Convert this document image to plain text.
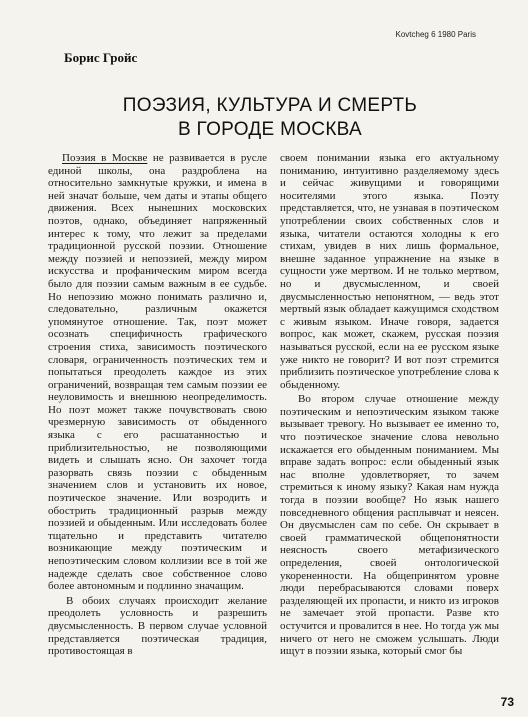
Kovtcheg 6 1980 Paris
Борис Гройс
ПОЭЗИЯ, КУЛЬТУРА И СМЕРТЬ
В ГОРОДЕ МОСКВА

Поэзия в Москве не развивается в русле единой школы, она раздроблена на относительно замкнутые кружки, и имена в ней значат больше, чем даты и этапы общего движения. Всех нынешних московских поэтов, однако, объединяет напряженный интерес к тому, что лежит за пределами традиционной русской поэзии. Отношение между поэзией и непоэзией, между миром искусства и профаническим миром всегда было для поэзии самым важным в ее судьбе. Но непоэзию можно понимать различно и, следовательно, различным окажется упомянутое отношение. Так, поэт может осознать специфичность графического строения стиха, зависимость поэтического словаря, ограниченность поэтических тем и попытаться преодолеть каждое из этих ограничений, возвращая тем самым поэзии ее неуловимость и внешнюю неопределимость. Но поэт может также почувствовать свою чрезмерную зависимость от обыденного языка с его расшатанностью и приблизительностью, не позволяющими видеть и слышать ясно. Он захочет тогда разорвать связь поэзии с обыденным значением слов и установить их новое, поэтическое значение. Или возродить и обострить традиционный разрыв между поэзией и обыденным. Или исследовать более тщательно и представить читателю возникающие между поэтическим и непоэтическим словом коллизии все в той же надежде сделать свое собственное слово более автономным и подлинно значащим.

В обоих случаях происходит желание преодолеть условность и разрешить двусмысленность. В первом случае условной представляется поэтическая традиция, противостоящая в

своем понимании языка его актуальному пониманию, интуитивно разделяемому здесь и сейчас живущими и говорящими носителями этого языка. Поэту представляется, что, не узнавая в поэтическом употреблении своих собственных слов и языка, читатели остаются холодны к его стихам, увидев в них лишь формальное, внешне заданное упражнение на языке в сущности уже мертвом. И не только мертвом, но и двусмысленном, и своей двусмысленностью непонятном, — ведь этот мертвый язык обладает кажущимся сходством с живым языком. Иначе говоря, задается вопрос, как может, скажем, русская поэзия называться русской, если на ее русском языке уже никто не говорит? И вот поэт стремится приблизить поэтическое употребление слова к обыденному.

Во втором случае отношение между поэтическим и непоэтическим языком также вызывает тревогу. Но вызывает ее именно то, что поэтическое значение слова невольно искажается его обыденным пониманием. Мы вправе задать вопрос: если обыденный язык нас вполне удовлетворяет, то зачем стремиться к иному языку? Какая нам нужда тогда в поэзии вообще? Но язык нашего повседневного общения расплывчат и неясен. Он двусмыслен сам по себе. Он скрывает в своей грамматической общепонятности неясность своего метафизического определения, своей онтологической укорененности. На общепринятом уровне люди перебрасываются словами поверх разделяющей их пропасти, и никто из игроков не замечает этой пропасти. Разве кто остучится и провалится в нее. Но тогда уж мы ничего от него не сможем услышать. Люди ищут в поэзии языка, который смог бы

73
